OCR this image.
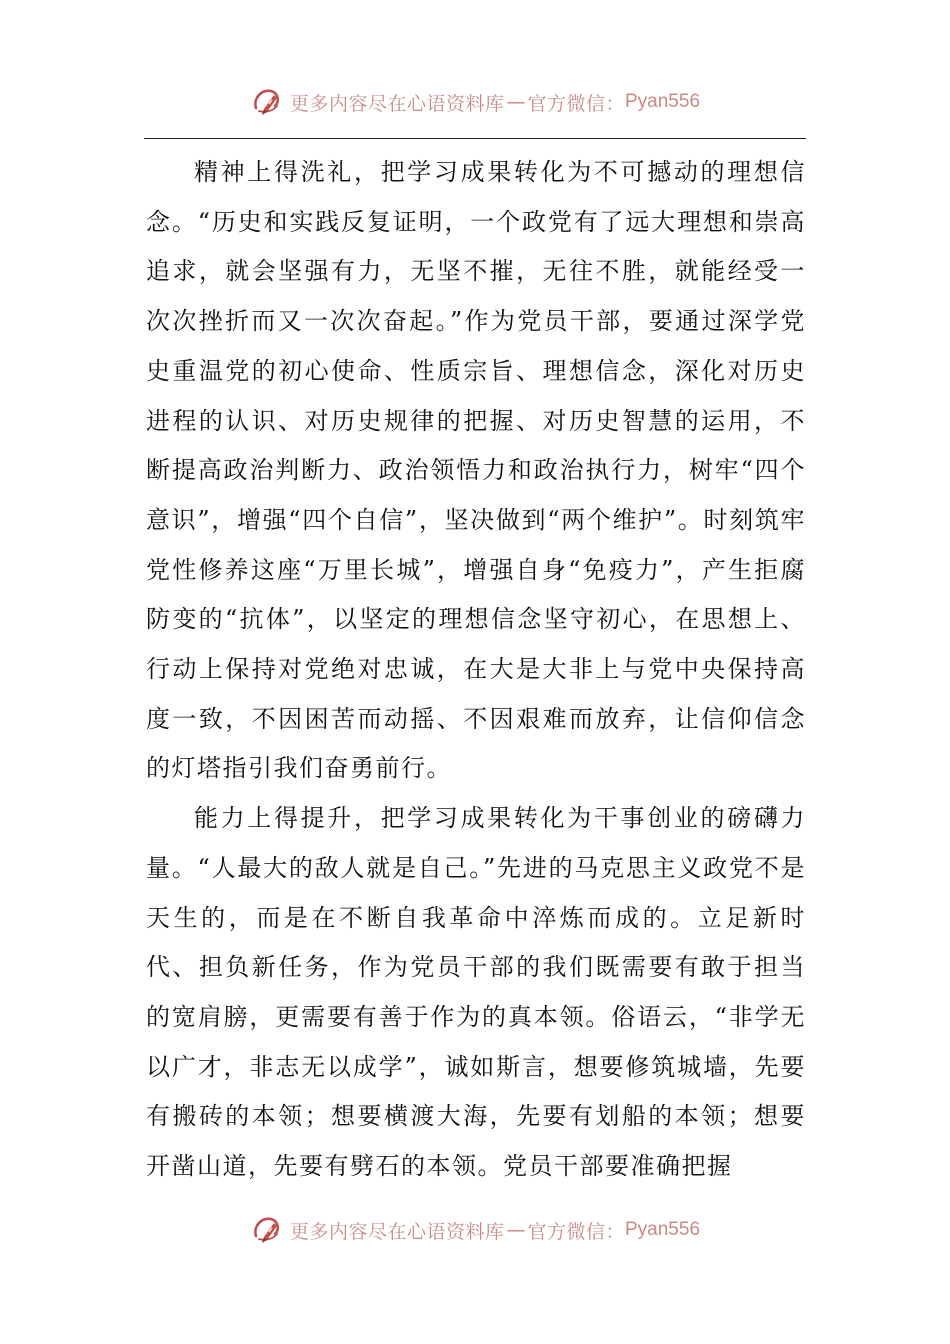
更多内容尽在心语资料库 — 官方微信： Pyan556

精神上得洗礼，把学习成果转化为不可撼动的理想信念。“历史和实践反复证明，一个政党有了远大理想和崇高追求，就会坚强有力，无坚不摧，无往不胜，就能经受一次次挫折而又一次次奋起。”作为党员干部，要通过深学党史重温党的初心使命、性质宗旨、理想信念，深化对历史进程的认识、对历史规律的把握、对历史智慧的运用，不断提高政治判断力、政治领悟力和政治执行力，树牢“四个意识”，增强“四个自信”，坚决做到“两个维护”。时刻筑牢党性修养这座“万里长城”，增强自身“免疫力”，产生拒腐防变的“抗体”，以坚定的理想信念坚守初心，在思想上、行动上保持对党绝对忠诚，在大是大非上与党中央保持高度一致，不因困苦而动摇、不因艰难而放弃，让信仰信念的灯塔指引我们奋勇前行。

能力上得提升，把学习成果转化为干事创业的磅礴力量。“人最大的敌人就是自己。”先进的马克思主义政党不是天生的，而是在不断自我革命中淬炼而成的。立足新时代、担负新任务，作为党员干部的我们既需要有敢于担当的宽肩膀，更需要有善于作为的真本领。俗语云，“非学无以广才，非志无以成学”，诚如斯言，想要修筑城墙，先要有搬砖的本领；想要横渡大海，先要有划船的本领；想要开凿山道，先要有劈石的本领。党员干部要准确把握

更多内容尽在心语资料库 — 官方微信： Pyan556
